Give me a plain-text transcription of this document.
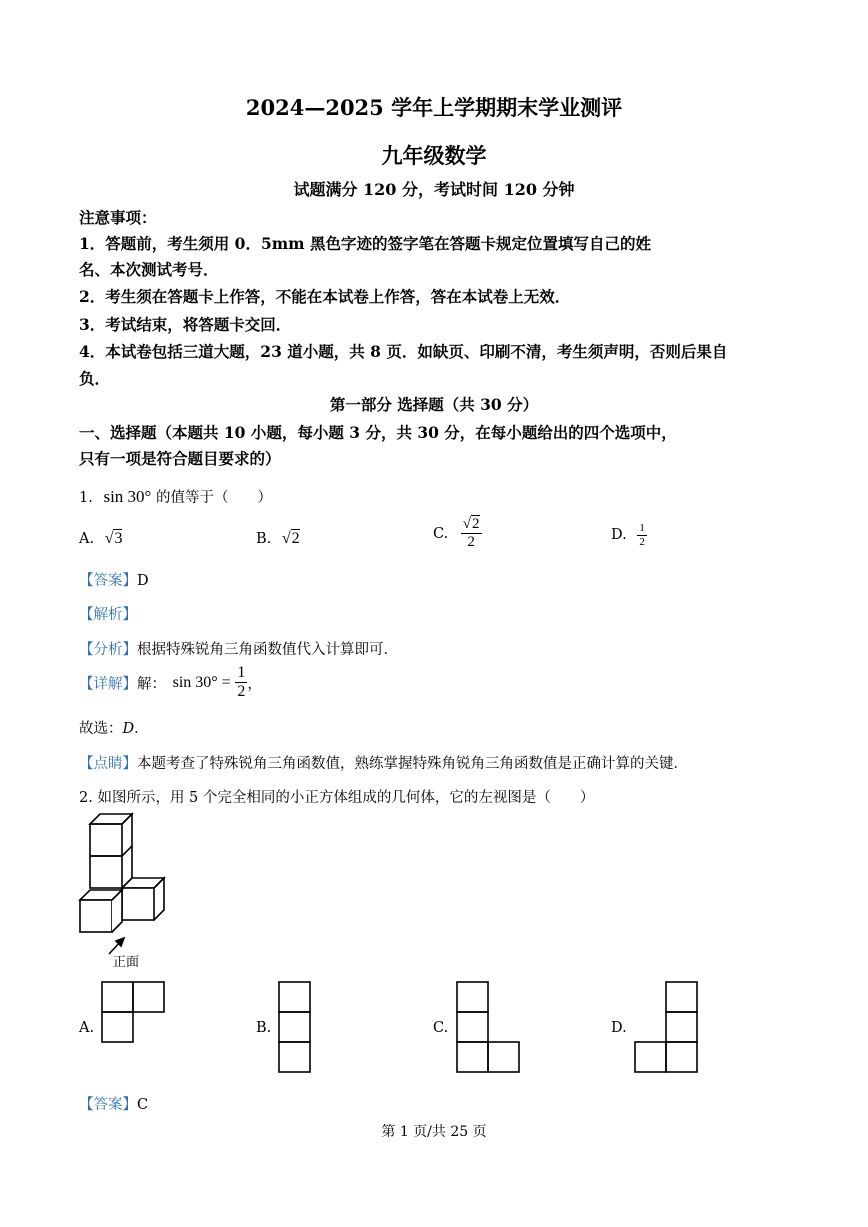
2024—2025 学年上学期期末学业测评
九年级数学
试题满分 120 分，考试时间 120 分钟
注意事项：
1．答题前，考生须用 0．5mm 黑色字迹的签字笔在答题卡规定位置填写自己的姓
名、本次测试考号．
2．考生须在答题卡上作答，不能在本试卷上作答，答在本试卷上无效．
3．考试结束，将答题卡交回．
4．本试卷包括三道大题，23 道小题，共 8 页．如缺页、印刷不清，考生须声明，否则后果自
负．
第一部分 选择题（共 30 分）
一、选择题（本题共 10 小题，每小题 3 分，共 30 分，在每小题给出的四个选项中，
只有一项是符合题目要求的）
1. sin 30° 的值等于（　　）
A. √3	B. √2	C. $\frac{√2}{2}$	D. $\frac{1}{2}$
【答案】D
【解析】
【分析】根据特殊锐角三角函数值代入计算即可．
【详解】解： $\sin 30^\circ = \frac{1}{2}$ ，
故选：D．
【点睛】本题考查了特殊锐角三角函数值，熟练掌握特殊角锐角三角函数值是正确计算的关键．
2. 如图所示，用 5 个完全相同的小正方体组成的几何体，它的左视图是（　　）
正面
A.	B.	C.	D.
【答案】C
第 1 页/共 25 页
